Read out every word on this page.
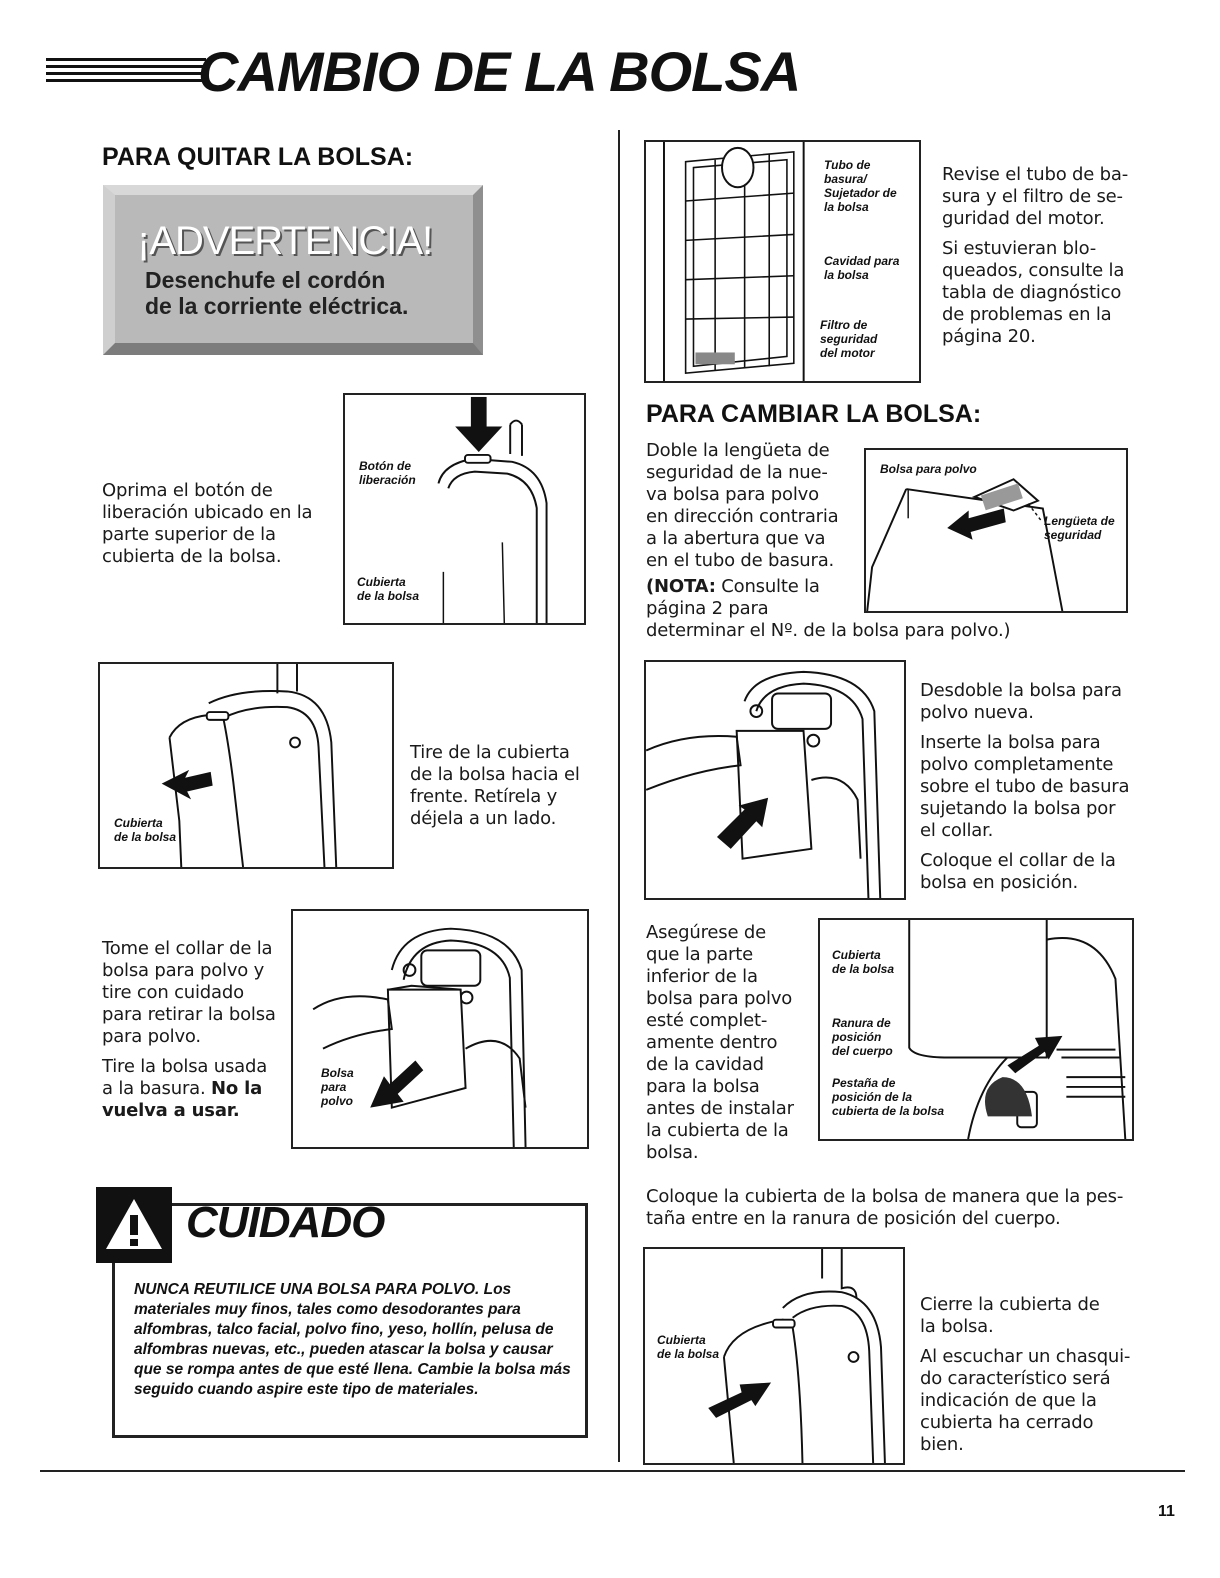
CAMBIO DE LA BOLSA
PARA QUITAR LA BOLSA:
¡ADVERTENCIA!
Desenchufe el cordón
de la corriente eléctrica.
Oprima el botón de
liberación ubicado en la
parte superior de la
cubierta de la bolsa.
Botón de
liberación
Cubierta
de la bolsa
Cubierta
de la bolsa
Tire de la cubierta
de la bolsa hacia el
frente. Retírela y
déjela a un lado.
Tome el collar de la
bolsa para polvo y
tire con cuidado
para retirar la bolsa
para polvo.
Tire la bolsa usada
a la basura. No la
vuelva a usar.
Bolsa
para
polvo
CUIDADO
NUNCA REUTILICE UNA BOLSA PARA POLVO. Los materiales muy finos, tales como desodorantes para alfombras, talco facial, polvo fino, yeso, hollín, pelusa de alfombras nuevas, etc., pueden atascar la bolsa y causar que se rompa antes de que esté llena. Cambie la bolsa más seguido cuando aspire este tipo de materiales.
Tubo de
basura/
Sujetador de
la bolsa
Cavidad para
la bolsa
Filtro de
seguridad
del motor
Revise el tubo de ba-
sura y el filtro de se-
guridad del motor.
Si estuvieran blo-
queados, consulte la
tabla de diagnóstico
de problemas en la
página 20.
PARA CAMBIAR LA BOLSA:
Doble la lengüeta de
seguridad de la nue-
va bolsa para polvo
en dirección contraria
a la abertura que va
en el tubo de basura.
(NOTA: Consulte la
página 2 para
determinar el Nº. de la bolsa para polvo.)
Bolsa para polvo
Lengüeta de
seguridad
Desdoble la bolsa para
polvo nueva.
Inserte la bolsa para
polvo completamente
sobre el tubo de basura
sujetando la bolsa por
el collar.
Coloque el collar de la
bolsa en posición.
Asegúrese de
que la parte
inferior de la
bolsa para polvo
esté complet-
amente dentro
de la cavidad
para la bolsa
antes de instalar
la cubierta de la
bolsa.
Cubierta
de la bolsa
Ranura de
posición
del cuerpo
Pestaña de
posición de la
cubierta de la bolsa
Coloque la cubierta de la bolsa de manera que la pes-
taña entre en la ranura de posición del cuerpo.
Cubierta
de la bolsa
Cierre la cubierta de
la bolsa.
Al escuchar un chasqui-
do característico será
indicación de que la
cubierta ha cerrado
bien.
11
